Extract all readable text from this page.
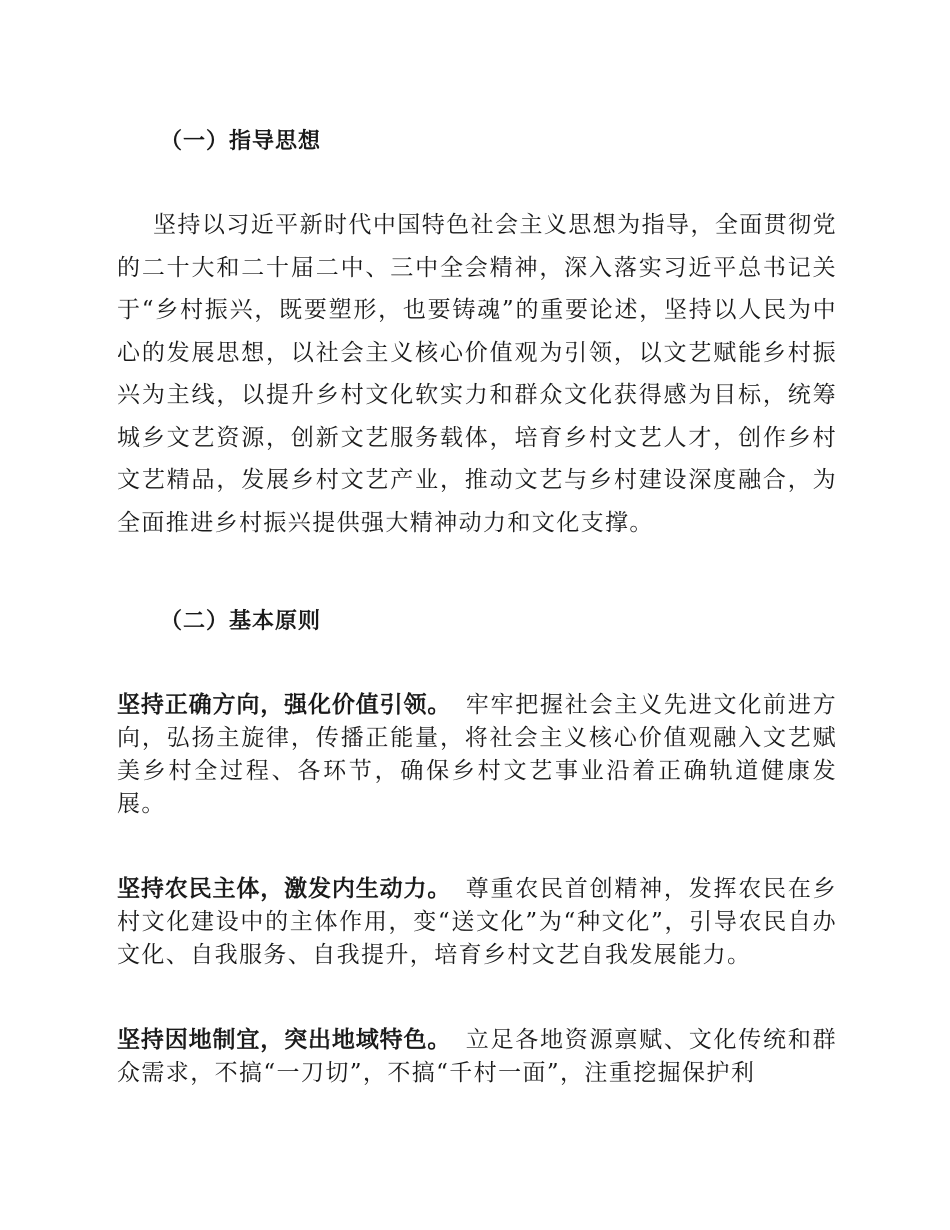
（一）指导思想

坚持以习近平新时代中国特色社会主义思想为指导，全面贯彻党的二十大和二十届二中、三中全会精神，深入落实习近平总书记关于“乡村振兴，既要塑形，也要铸魂”的重要论述，坚持以人民为中心的发展思想，以社会主义核心价值观为引领，以文艺赋能乡村振兴为主线，以提升乡村文化软实力和群众文化获得感为目标，统筹城乡文艺资源，创新文艺服务载体，培育乡村文艺人才，创作乡村文艺精品，发展乡村文艺产业，推动文艺与乡村建设深度融合，为全面推进乡村振兴提供强大精神动力和文化支撑。

（二）基本原则

坚持正确方向，强化价值引领。 牢牢把握社会主义先进文化前进方向，弘扬主旋律，传播正能量，将社会主义核心价值观融入文艺赋美乡村全过程、各环节，确保乡村文艺事业沿着正确轨道健康发展。

坚持农民主体，激发内生动力。 尊重农民首创精神，发挥农民在乡村文化建设中的主体作用，变“送文化”为“种文化”，引导农民自办文化、自我服务、自我提升，培育乡村文艺自我发展能力。

坚持因地制宜，突出地域特色。 立足各地资源禀赋、文化传统和群众需求，不搞“一刀切”，不搞“千村一面”，注重挖掘保护利
